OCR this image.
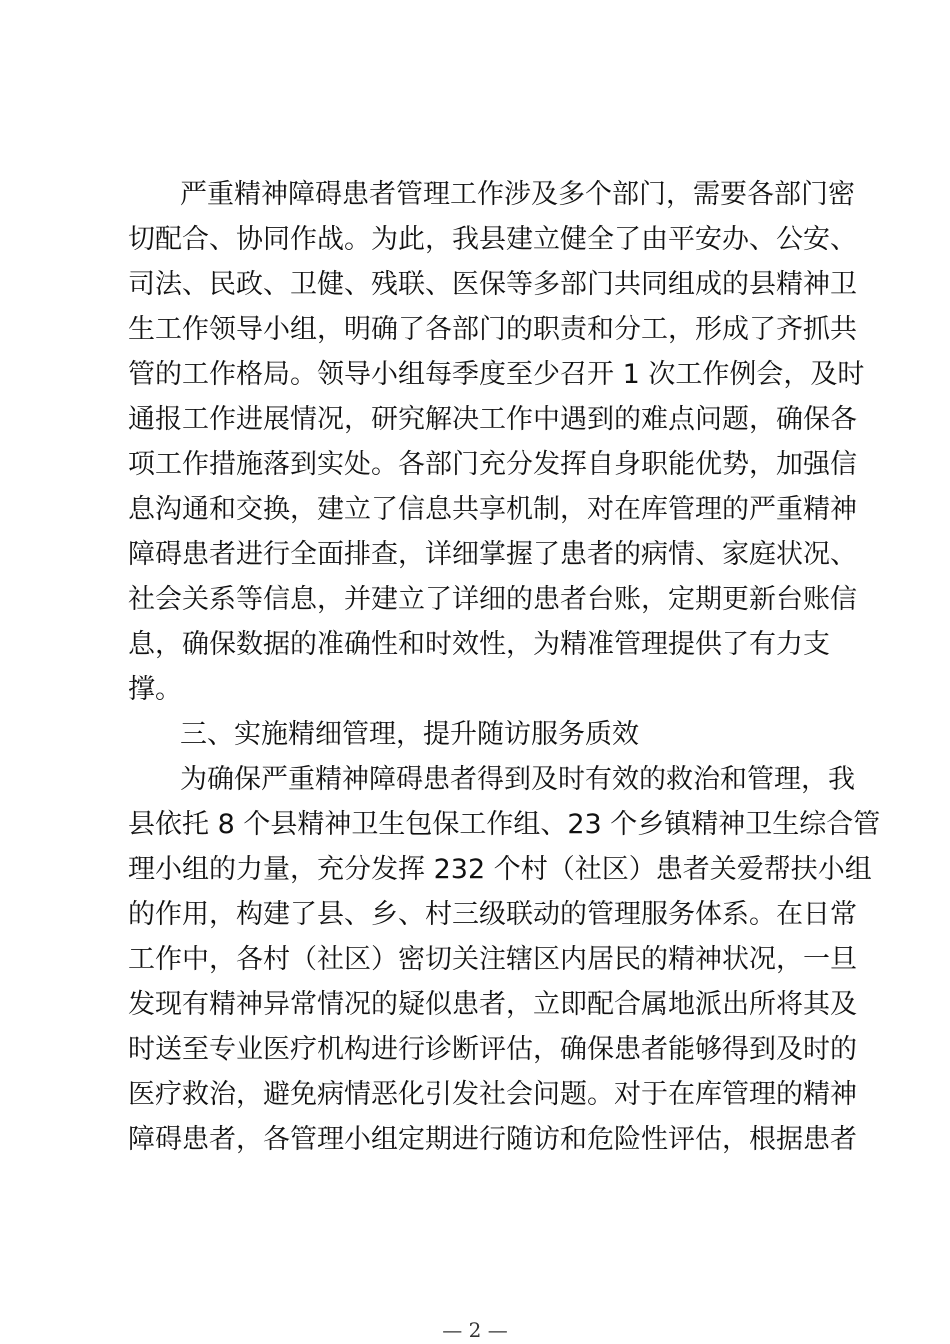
严重精神障碍患者管理工作涉及多个部门，需要各部门密
切配合、协同作战。为此，我县建立健全了由平安办、公安、
司法、民政、卫健、残联、医保等多部门共同组成的县精神卫
生工作领导小组，明确了各部门的职责和分工，形成了齐抓共
管的工作格局。领导小组每季度至少召开 1 次工作例会，及时
通报工作进展情况，研究解决工作中遇到的难点问题，确保各
项工作措施落到实处。各部门充分发挥自身职能优势，加强信
息沟通和交换，建立了信息共享机制，对在库管理的严重精神
障碍患者进行全面排查，详细掌握了患者的病情、家庭状况、
社会关系等信息，并建立了详细的患者台账，定期更新台账信
息，确保数据的准确性和时效性，为精准管理提供了有力支
撑。
三、实施精细管理，提升随访服务质效
为确保严重精神障碍患者得到及时有效的救治和管理，我
县依托 8 个县精神卫生包保工作组、23 个乡镇精神卫生综合管
理小组的力量，充分发挥 232 个村（社区）患者关爱帮扶小组
的作用，构建了县、乡、村三级联动的管理服务体系。在日常
工作中，各村（社区）密切关注辖区内居民的精神状况，一旦
发现有精神异常情况的疑似患者，立即配合属地派出所将其及
时送至专业医疗机构进行诊断评估，确保患者能够得到及时的
医疗救治，避免病情恶化引发社会问题。对于在库管理的精神
障碍患者，各管理小组定期进行随访和危险性评估，根据患者
— 2 —
